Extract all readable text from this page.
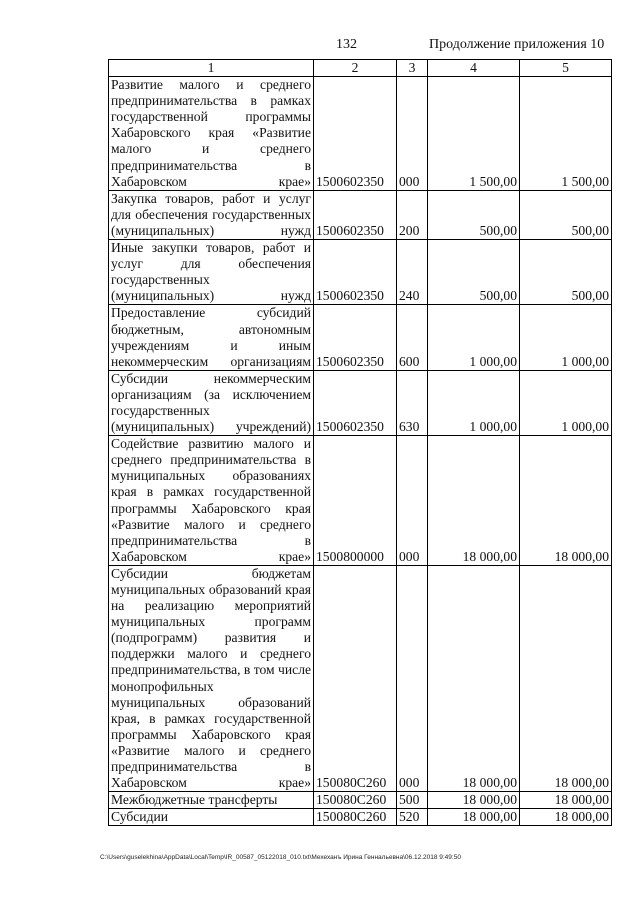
132	Продолжение приложения 10
1	2	3	4	5
Развитие малого и среднего предпринимательства в рамках государственной программы Хабаровского края «Развитие малого и среднего предпринимательства в Хабаровском крае»	1500602350	000	1 500,00	1 500,00
Закупка товаров, работ и услуг для обеспечения государственных (муниципальных) нужд	1500602350	200	500,00	500,00
Иные закупки товаров, работ и услуг для обеспечения государственных (муниципальных) нужд	1500602350	240	500,00	500,00
Предоставление субсидий бюджетным, автономным учреждениям и иным некоммерческим организациям	1500602350	600	1 000,00	1 000,00
Субсидии некоммерческим организациям (за исключением государственных (муниципальных) учреждений)	1500602350	630	1 000,00	1 000,00
Содействие развитию малого и среднего предпринимательства в муниципальных образованиях края в рамках государственной программы Хабаровского края «Развитие малого и среднего предпринимательства в Хабаровском крае»	1500800000	000	18 000,00	18 000,00
Субсидии бюджетам муниципальных образований края на реализацию мероприятий муниципальных программ (подпрограмм) развития и поддержки малого и среднего предпринимательства, в том числе монопрофильных муниципальных образований края, в рамках государственной программы Хабаровского края «Развитие малого и среднего предпринимательства в Хабаровском крае»	150080С260	000	18 000,00	18 000,00
Межбюджетные трансферты	150080С260	500	18 000,00	18 000,00
Субсидии	150080С260	520	18 000,00	18 000,00
C:\Users\guselekhina\AppData\Local\Temp\IR_00587_05122018_010.txt\Мехеханъ Ирина Геннальевна\06.12.2018 9:49:50
